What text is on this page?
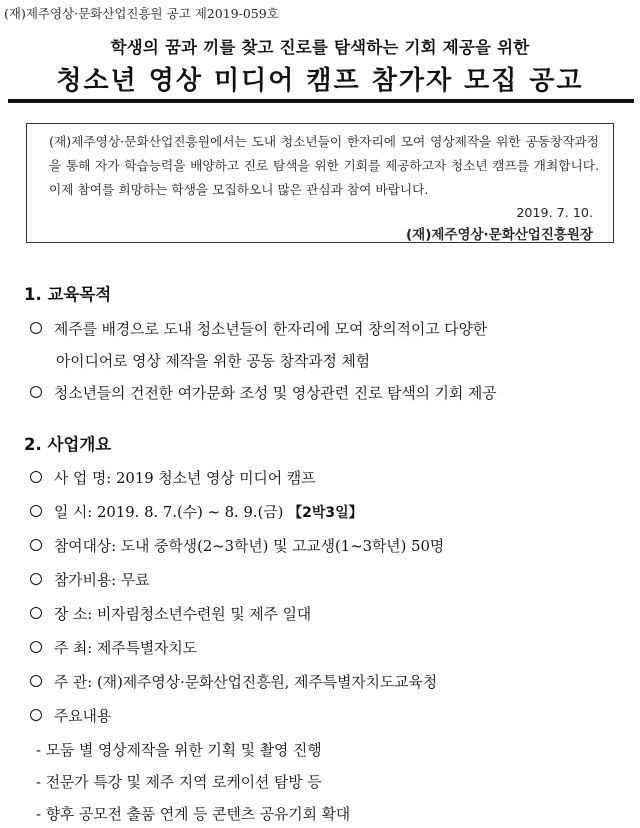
(재)제주영상·문화산업진흥원 공고 제2019-059호
학생의 꿈과 끼를 찾고 진로를 탐색하는 기회 제공을 위한
청소년 영상 미디어 캠프 참가자 모집 공고
(재)제주영상·문화산업진흥원에서는 도내 청소년들이 한자리에 모여 영상제작을 위한 공동창작과정을 통해 자가 학습능력을 배양하고 진로 탐색을 위한 기회를 제공하고자 청소년 캠프를 개최합니다. 이제 참여를 희망하는 학생을 모집하오니 많은 관심과 참여 바랍니다.
2019. 7. 10.
(재)제주영상·문화산업진흥원장
1. 교육목적
제주를 배경으로 도내 청소년들이 한자리에 모여 창의적이고 다양한
아이디어로 영상 제작을 위한 공동 창작과정 체험
청소년들의 건전한 여가문화 조성 및 영상관련 진로 탐색의 기회 제공
2. 사업개요
사 업 명: 2019 청소년 영상 미디어 캠프
일 시: 2019. 8. 7.(수) ~ 8. 9.(금) 【2박3일】
참여대상: 도내 중학생(2~3학년) 및 고교생(1~3학년) 50명
참가비용: 무료
장 소: 비자림청소년수련원 및 제주 일대
주 최: 제주특별자치도
주 관: (재)제주영상·문화산업진흥원, 제주특별자치도교육청
주요내용
- 모둠 별 영상제작을 위한 기획 및 촬영 진행
- 전문가 특강 및 제주 지역 로케이션 탐방 등
- 향후 공모전 출품 연계 등 콘텐츠 공유기회 확대
